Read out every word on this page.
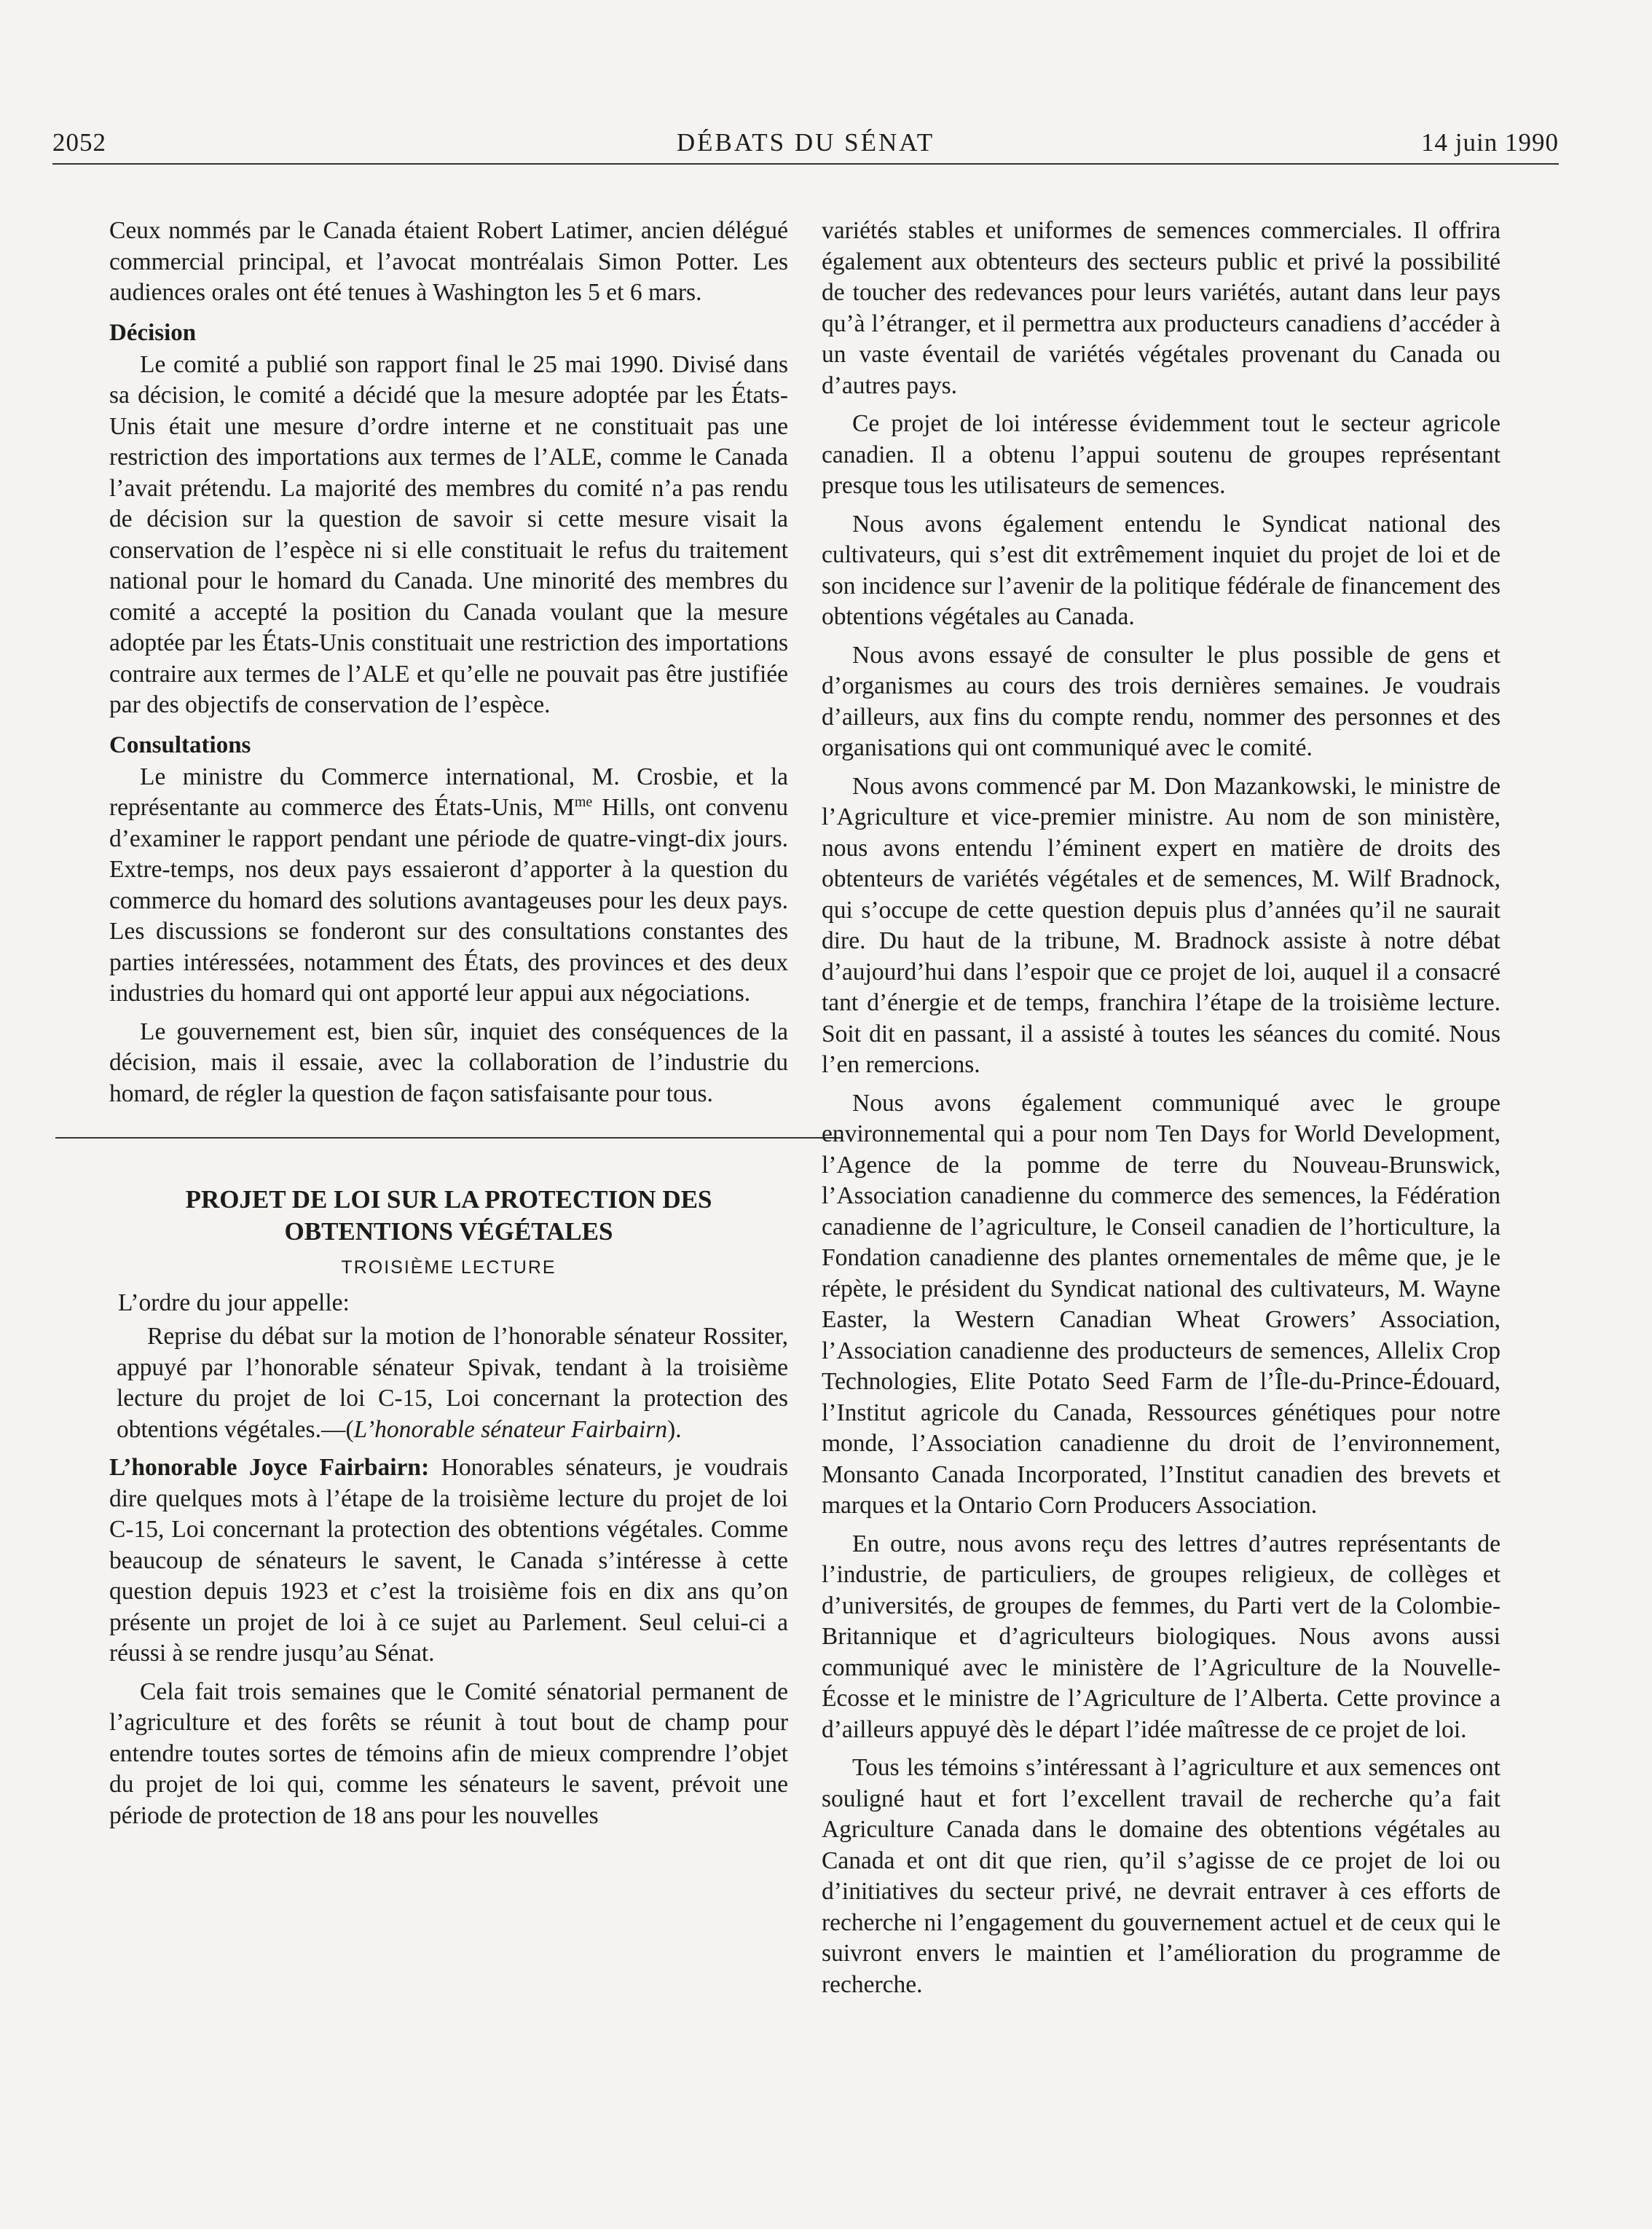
2052	DÉBATS DU SÉNAT	14 juin 1990

Ceux nommés par le Canada étaient Robert Latimer, ancien délégué commercial principal, et l’avocat montréalais Simon Potter. Les audiences orales ont été tenues à Washington les 5 et 6 mars.

Décision

Le comité a publié son rapport final le 25 mai 1990. Divisé dans sa décision, le comité a décidé que la mesure adoptée par les États-Unis était une mesure d’ordre interne et ne constituait pas une restriction des importations aux termes de l’ALE, comme le Canada l’avait prétendu. La majorité des membres du comité n’a pas rendu de décision sur la question de savoir si cette mesure visait la conservation de l’espèce ni si elle constituait le refus du traitement national pour le homard du Canada. Une minorité des membres du comité a accepté la position du Canada voulant que la mesure adoptée par les États-Unis constituait une restriction des importations contraire aux termes de l’ALE et qu’elle ne pouvait pas être justifiée par des objectifs de conservation de l’espèce.

Consultations

Le ministre du Commerce international, M. Crosbie, et la représentante au commerce des États-Unis, $M^{me}$ Hills, ont convenu d’examiner le rapport pendant une période de quatre-vingt-dix jours. Extre-temps, nos deux pays essaieront d’apporter à la question du commerce du homard des solutions avantageuses pour les deux pays. Les discussions se fonderont sur des consultations constantes des parties intéressées, notamment des États, des provinces et des deux industries du homard qui ont apporté leur appui aux négociations.

Le gouvernement est, bien sûr, inquiet des conséquences de la décision, mais il essaie, avec la collaboration de l’industrie du homard, de régler la question de façon satisfaisante pour tous.

PROJET DE LOI SUR LA PROTECTION DES
OBTENTIONS VÉGÉTALES
TROISIÈME LECTURE

L’ordre du jour appelle:

Reprise du débat sur la motion de l’honorable sénateur Rossiter, appuyé par l’honorable sénateur Spivak, tendant à la troisième lecture du projet de loi C-15, Loi concernant la protection des obtentions végétales.—(L’honorable sénateur Fairbairn).

L’honorable Joyce Fairbairn: Honorables sénateurs, je voudrais dire quelques mots à l’étape de la troisième lecture du projet de loi C-15, Loi concernant la protection des obtentions végétales. Comme beaucoup de sénateurs le savent, le Canada s’intéresse à cette question depuis 1923 et c’est la troisième fois en dix ans qu’on présente un projet de loi à ce sujet au Parlement. Seul celui-ci a réussi à se rendre jusqu’au Sénat.

Cela fait trois semaines que le Comité sénatorial permanent de l’agriculture et des forêts se réunit à tout bout de champ pour entendre toutes sortes de témoins afin de mieux comprendre l’objet du projet de loi qui, comme les sénateurs le savent, prévoit une période de protection de 18 ans pour les nouvelles

variétés stables et uniformes de semences commerciales. Il offrira également aux obtenteurs des secteurs public et privé la possibilité de toucher des redevances pour leurs variétés, autant dans leur pays qu’à l’étranger, et il permettra aux producteurs canadiens d’accéder à un vaste éventail de variétés végétales provenant du Canada ou d’autres pays.

Ce projet de loi intéresse évidemment tout le secteur agricole canadien. Il a obtenu l’appui soutenu de groupes représentant presque tous les utilisateurs de semences.

Nous avons également entendu le Syndicat national des cultivateurs, qui s’est dit extrêmement inquiet du projet de loi et de son incidence sur l’avenir de la politique fédérale de financement des obtentions végétales au Canada.

Nous avons essayé de consulter le plus possible de gens et d’organismes au cours des trois dernières semaines. Je voudrais d’ailleurs, aux fins du compte rendu, nommer des personnes et des organisations qui ont communiqué avec le comité.

Nous avons commencé par M. Don Mazankowski, le ministre de l’Agriculture et vice-premier ministre. Au nom de son ministère, nous avons entendu l’éminent expert en matière de droits des obtenteurs de variétés végétales et de semences, M. Wilf Bradnock, qui s’occupe de cette question depuis plus d’années qu’il ne saurait dire. Du haut de la tribune, M. Bradnock assiste à notre débat d’aujourd’hui dans l’espoir que ce projet de loi, auquel il a consacré tant d’énergie et de temps, franchira l’étape de la troisième lecture. Soit dit en passant, il a assisté à toutes les séances du comité. Nous l’en remercions.

Nous avons également communiqué avec le groupe environnemental qui a pour nom Ten Days for World Development, l’Agence de la pomme de terre du Nouveau-Brunswick, l’Association canadienne du commerce des semences, la Fédération canadienne de l’agriculture, le Conseil canadien de l’horticulture, la Fondation canadienne des plantes ornementales de même que, je le répète, le président du Syndicat national des cultivateurs, M. Wayne Easter, la Western Canadian Wheat Growers’ Association, l’Association canadienne des producteurs de semences, Allelix Crop Technologies, Elite Potato Seed Farm de l’Île-du-Prince-Édouard, l’Institut agricole du Canada, Ressources génétiques pour notre monde, l’Association canadienne du droit de l’environnement, Monsanto Canada Incorporated, l’Institut canadien des brevets et marques et la Ontario Corn Producers Association.

En outre, nous avons reçu des lettres d’autres représentants de l’industrie, de particuliers, de groupes religieux, de collèges et d’universités, de groupes de femmes, du Parti vert de la Colombie-Britannique et d’agriculteurs biologiques. Nous avons aussi communiqué avec le ministère de l’Agriculture de la Nouvelle-Écosse et le ministre de l’Agriculture de l’Alberta. Cette province a d’ailleurs appuyé dès le départ l’idée maîtresse de ce projet de loi.

Tous les témoins s’intéressant à l’agriculture et aux semences ont souligné haut et fort l’excellent travail de recherche qu’a fait Agriculture Canada dans le domaine des obtentions végétales au Canada et ont dit que rien, qu’il s’agisse de ce projet de loi ou d’initiatives du secteur privé, ne devrait entraver à ces efforts de recherche ni l’engagement du gouvernement actuel et de ceux qui le suivront envers le maintien et l’amélioration du programme de recherche.
